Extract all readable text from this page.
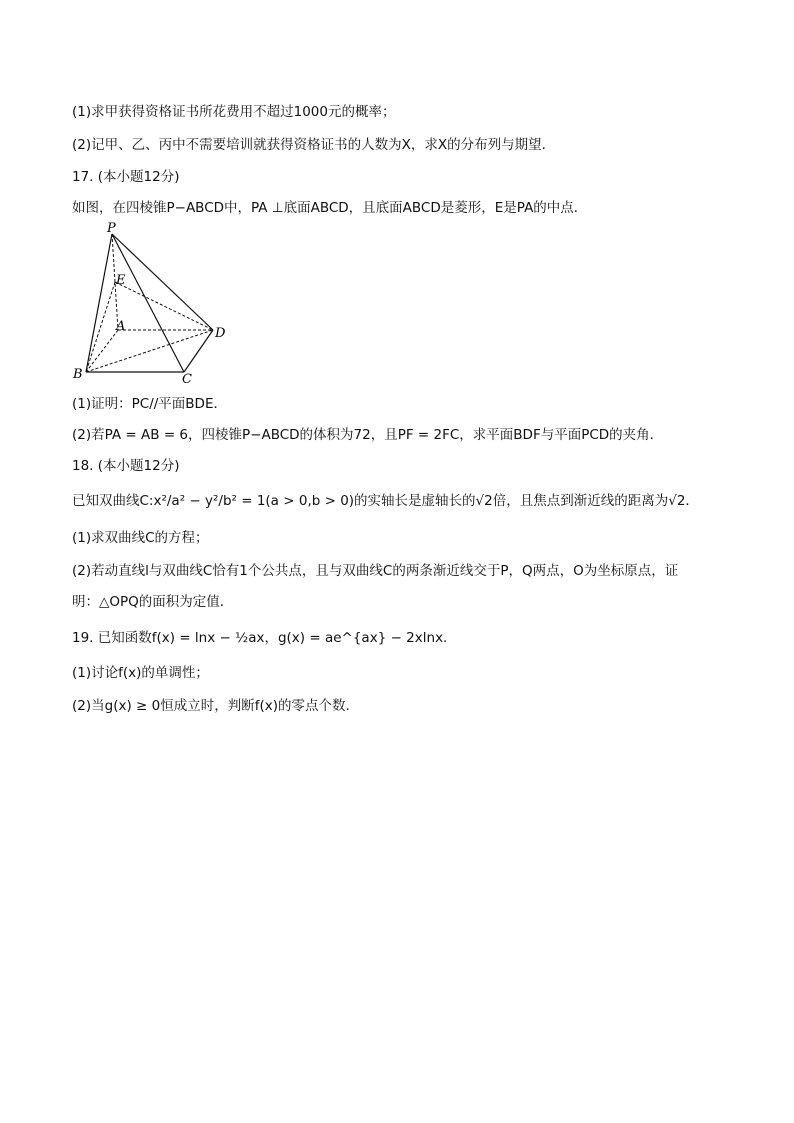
(1)求甲获得资格证书所花费用不超过1000元的概率；
(2)记甲、乙、丙中不需要培训就获得资格证书的人数为X，求X的分布列与期望．
17. (本小题12分)
如图，在四棱锥P−ABCD中，PA ⊥底面ABCD，且底面ABCD是菱形，E是PA的中点．
P
E
A	D
B	C
(1)证明：PC//平面BDE．
(2)若PA = AB = 6，四棱锥P−ABCD的体积为72，且PF = 2FC，求平面BDF与平面PCD的夹角．
18. (本小题12分)
已知双曲线C:x²/a² − y²/b² = 1(a > 0,b > 0)的实轴长是虚轴长的√2倍，且焦点到渐近线的距离为√2．
(1)求双曲线C的方程；
(2)若动直线l与双曲线C恰有1个公共点，且与双曲线C的两条渐近线交于P，Q两点，O为坐标原点，证
明：△OPQ的面积为定值．
19. 已知函数f(x) = lnx − ½ax，g(x) = ae^{ax} − 2xlnx．
(1)讨论f(x)的单调性；
(2)当g(x) ≥ 0恒成立时，判断f(x)的零点个数．
